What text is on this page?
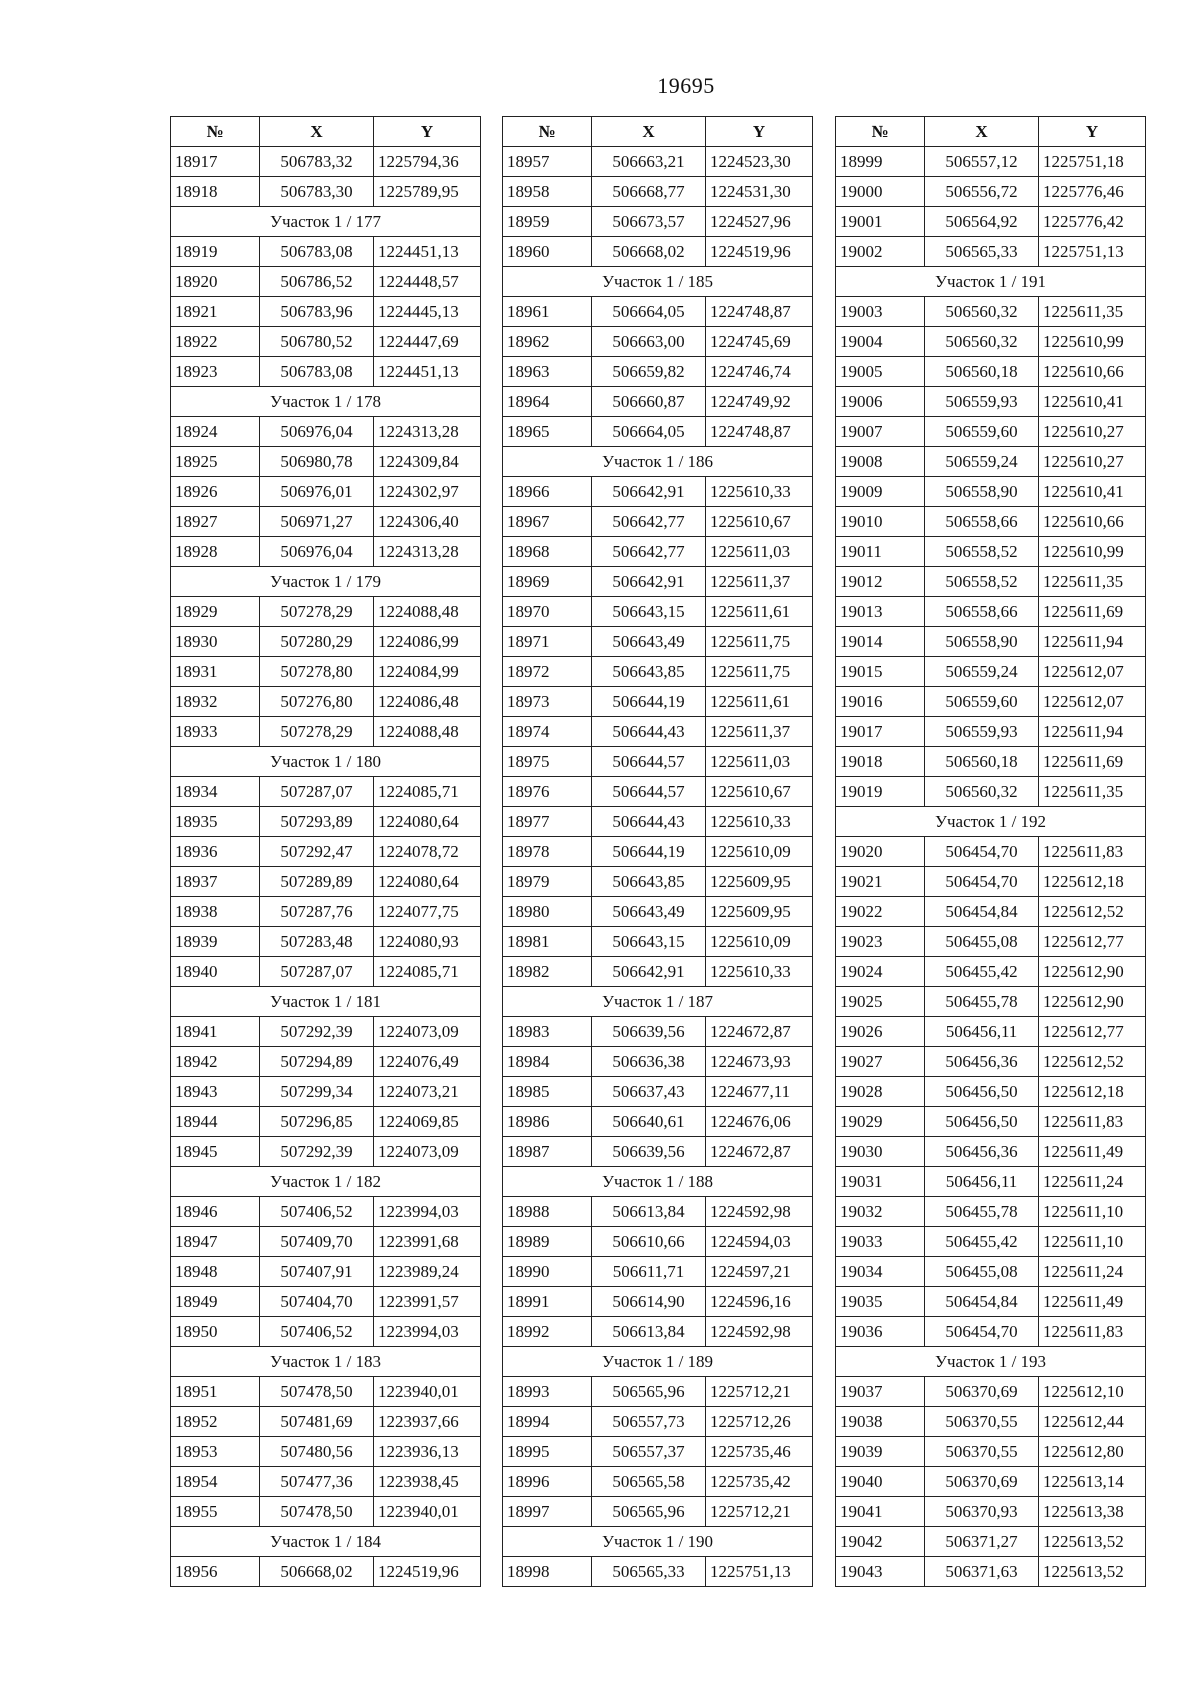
19695
№	X	Y
18917	506783,32	1225794,36
18918	506783,30	1225789,95
Участок 1 / 177		
18919	506783,08	1224451,13
18920	506786,52	1224448,57
18921	506783,96	1224445,13
18922	506780,52	1224447,69
18923	506783,08	1224451,13
Участок 1 / 178		
18924	506976,04	1224313,28
18925	506980,78	1224309,84
18926	506976,01	1224302,97
18927	506971,27	1224306,40
18928	506976,04	1224313,28
Участок 1 / 179		
18929	507278,29	1224088,48
18930	507280,29	1224086,99
18931	507278,80	1224084,99
18932	507276,80	1224086,48
18933	507278,29	1224088,48
Участок 1 / 180		
18934	507287,07	1224085,71
18935	507293,89	1224080,64
18936	507292,47	1224078,72
18937	507289,89	1224080,64
18938	507287,76	1224077,75
18939	507283,48	1224080,93
18940	507287,07	1224085,71
Участок 1 / 181		
18941	507292,39	1224073,09
18942	507294,89	1224076,49
18943	507299,34	1224073,21
18944	507296,85	1224069,85
18945	507292,39	1224073,09
Участок 1 / 182		
18946	507406,52	1223994,03
18947	507409,70	1223991,68
18948	507407,91	1223989,24
18949	507404,70	1223991,57
18950	507406,52	1223994,03
Участок 1 / 183		
18951	507478,50	1223940,01
18952	507481,69	1223937,66
18953	507480,56	1223936,13
18954	507477,36	1223938,45
18955	507478,50	1223940,01
Участок 1 / 184		
18956	506668,02	1224519,96
№	X	Y
18957	506663,21	1224523,30
18958	506668,77	1224531,30
18959	506673,57	1224527,96
18960	506668,02	1224519,96
Участок 1 / 185		
18961	506664,05	1224748,87
18962	506663,00	1224745,69
18963	506659,82	1224746,74
18964	506660,87	1224749,92
18965	506664,05	1224748,87
Участок 1 / 186		
18966	506642,91	1225610,33
18967	506642,77	1225610,67
18968	506642,77	1225611,03
18969	506642,91	1225611,37
18970	506643,15	1225611,61
18971	506643,49	1225611,75
18972	506643,85	1225611,75
18973	506644,19	1225611,61
18974	506644,43	1225611,37
18975	506644,57	1225611,03
18976	506644,57	1225610,67
18977	506644,43	1225610,33
18978	506644,19	1225610,09
18979	506643,85	1225609,95
18980	506643,49	1225609,95
18981	506643,15	1225610,09
18982	506642,91	1225610,33
Участок 1 / 187		
18983	506639,56	1224672,87
18984	506636,38	1224673,93
18985	506637,43	1224677,11
18986	506640,61	1224676,06
18987	506639,56	1224672,87
Участок 1 / 188		
18988	506613,84	1224592,98
18989	506610,66	1224594,03
18990	506611,71	1224597,21
18991	506614,90	1224596,16
18992	506613,84	1224592,98
Участок 1 / 189		
18993	506565,96	1225712,21
18994	506557,73	1225712,26
18995	506557,37	1225735,46
18996	506565,58	1225735,42
18997	506565,96	1225712,21
Участок 1 / 190		
18998	506565,33	1225751,13
№	X	Y
18999	506557,12	1225751,18
19000	506556,72	1225776,46
19001	506564,92	1225776,42
19002	506565,33	1225751,13
Участок 1 / 191		
19003	506560,32	1225611,35
19004	506560,32	1225610,99
19005	506560,18	1225610,66
19006	506559,93	1225610,41
19007	506559,60	1225610,27
19008	506559,24	1225610,27
19009	506558,90	1225610,41
19010	506558,66	1225610,66
19011	506558,52	1225610,99
19012	506558,52	1225611,35
19013	506558,66	1225611,69
19014	506558,90	1225611,94
19015	506559,24	1225612,07
19016	506559,60	1225612,07
19017	506559,93	1225611,94
19018	506560,18	1225611,69
19019	506560,32	1225611,35
Участок 1 / 192		
19020	506454,70	1225611,83
19021	506454,70	1225612,18
19022	506454,84	1225612,52
19023	506455,08	1225612,77
19024	506455,42	1225612,90
19025	506455,78	1225612,90
19026	506456,11	1225612,77
19027	506456,36	1225612,52
19028	506456,50	1225612,18
19029	506456,50	1225611,83
19030	506456,36	1225611,49
19031	506456,11	1225611,24
19032	506455,78	1225611,10
19033	506455,42	1225611,10
19034	506455,08	1225611,24
19035	506454,84	1225611,49
19036	506454,70	1225611,83
Участок 1 / 193		
19037	506370,69	1225612,10
19038	506370,55	1225612,44
19039	506370,55	1225612,80
19040	506370,69	1225613,14
19041	506370,93	1225613,38
19042	506371,27	1225613,52
19043	506371,63	1225613,52
